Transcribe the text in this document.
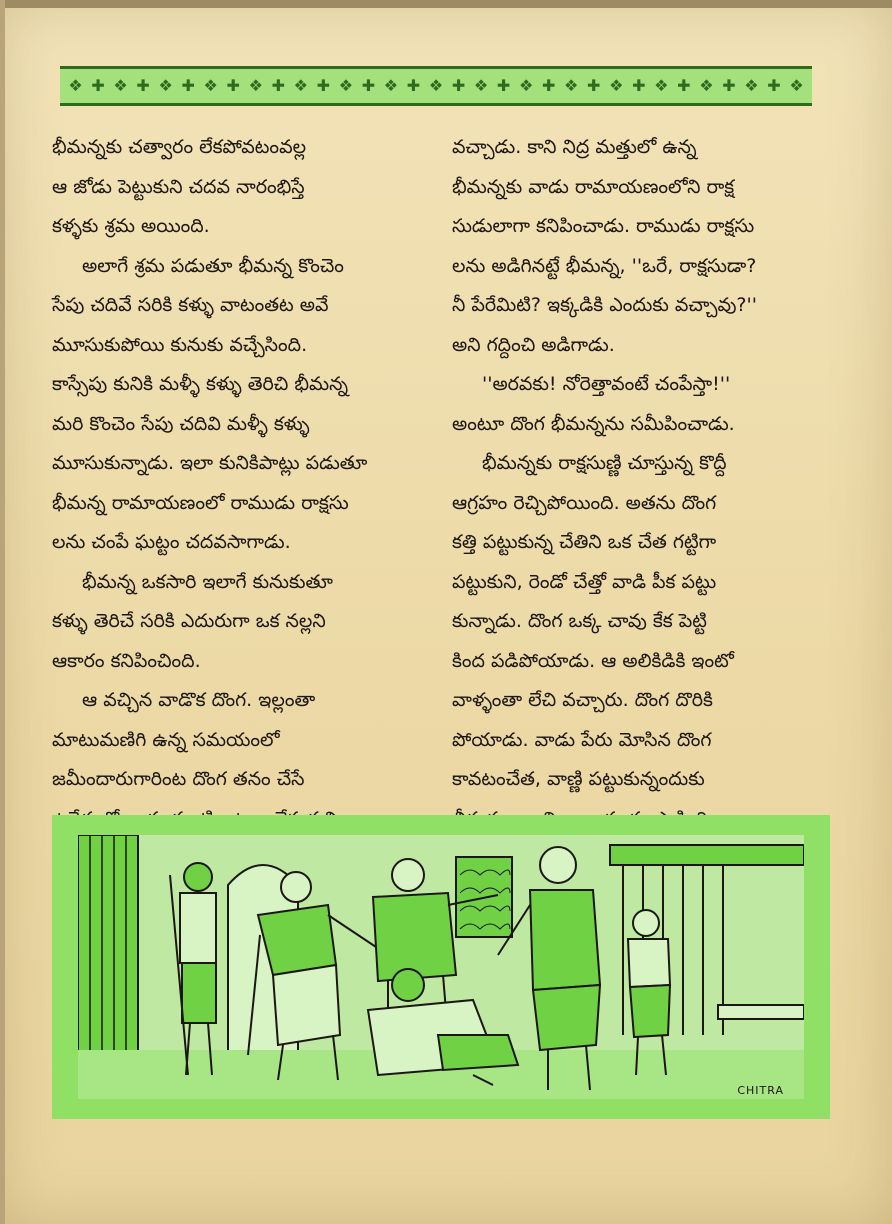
❖ ✚ ❖ ✚ ❖ ✚ ❖ ✚ ❖ ✚ ❖ ✚ ❖ ✚ ❖ ✚ ❖ ✚ ❖ ✚ ❖ ✚ ❖ ✚ ❖ ✚ ❖ ✚ ❖ ✚ ❖ ✚ ❖

భీమన్నకు చత్వారం లేకపోవటంవల్ల
ఆ జోడు పెట్టుకుని చదవ నారంభిస్తే
కళ్ళకు శ్రమ అయింది.

అలాగే శ్రమ పడుతూ భీమన్న కొంచెం
సేపు చదివే సరికి కళ్ళు వాటంతట అవే
మూసుకుపోయి కునుకు వచ్చేసింది.
కాస్సేపు కునికి మళ్ళీ కళ్ళు తెరిచి భీమన్న
మరి కొంచెం సేపు చదివి మళ్ళీ కళ్ళు
మూసుకున్నాడు. ఇలా కునికిపాట్లు పడుతూ
భీమన్న రామాయణంలో రాముడు రాక్షసు
లను చంపే ఘట్టం చదవసాగాడు.

భీమన్న ఒకసారి ఇలాగే కునుకుతూ
కళ్ళు తెరిచే సరికి ఎదురుగా ఒక నల్లని
ఆకారం కనిపించింది.

ఆ వచ్చిన వాడొక దొంగ. ఇల్లంతా
మాటుమణిగి ఉన్న సమయంలో
జమీందారుగారింట దొంగ తనం చేసే

వచ్చాడు. కాని నిద్ర మత్తులో ఉన్న
భీమన్నకు వాడు రామాయణంలోని రాక్ష
సుడులాగా కనిపించాడు. రాముడు రాక్షసు
లను అడిగినట్టే భీమన్న, ''ఒరే, రాక్షసుడా?
నీ పేరేమిటి? ఇక్కడికి ఎందుకు వచ్చావు?''
అని గద్దించి అడిగాడు.

''అరవకు! నోరెత్తావంటే చంపేస్తా!''
అంటూ దొంగ భీమన్నను సమీపించాడు.

భీమన్నకు రాక్షసుణ్ణి చూస్తున్న కొద్దీ
ఆగ్రహం రెచ్చిపోయింది. అతను దొంగ
కత్తి పట్టుకున్న చేతిని ఒక చేత గట్టిగా
పట్టుకుని, రెండో చేత్తో వాడి పీక పట్టు
కున్నాడు. దొంగ ఒక్క చావు కేక పెట్టి
కింద పడిపోయాడు. ఆ అలికిడికి ఇంటో
వాళ్ళంతా లేచి వచ్చారు. దొంగ దొరికి
పోయాడు. వాడు పేరు మోసిన దొంగ
కావటంచేత, వాణ్ణి పట్టుకున్నందుకు

CHITRA
